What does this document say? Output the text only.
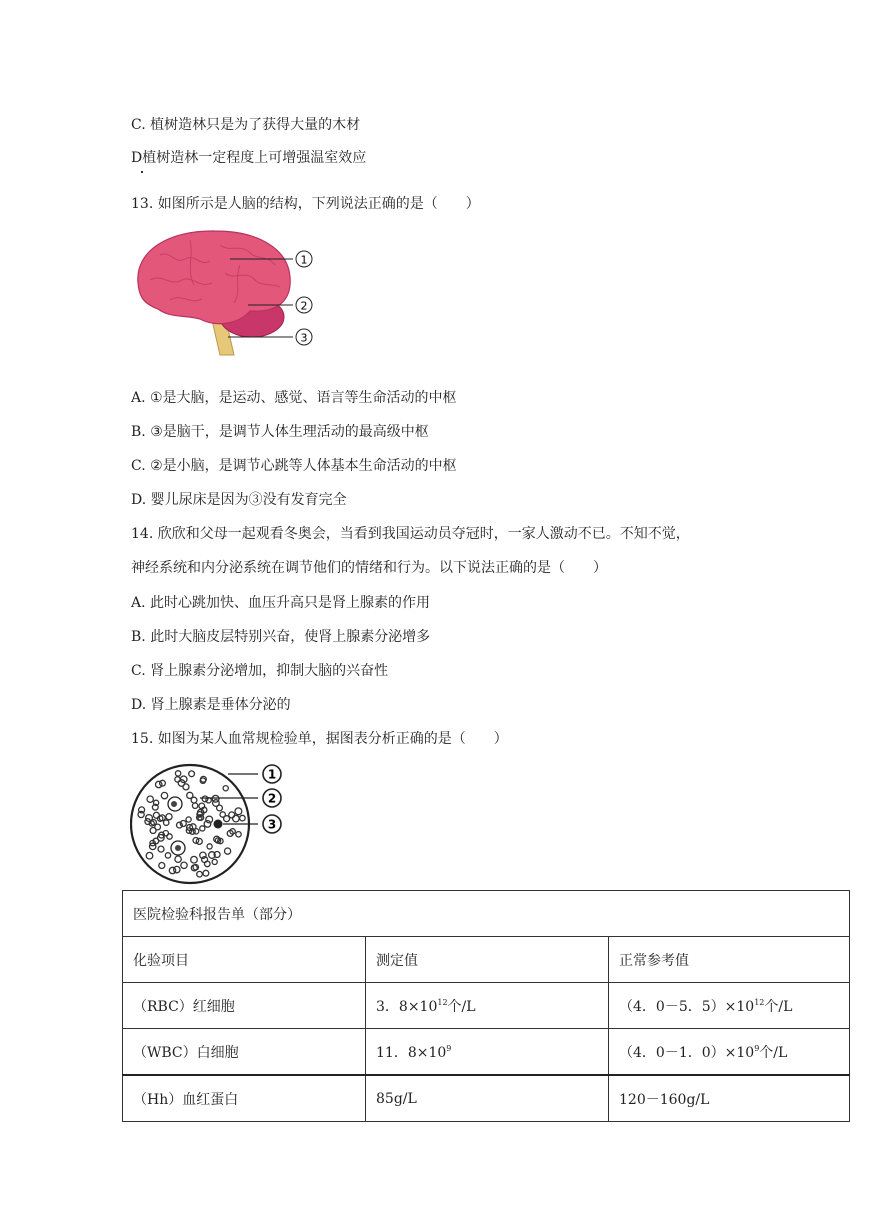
C. 植树造林只是为了获得大量的木材
D植树造林一定程度上可增强温室效应
13. 如图所示是人脑的结构，下列说法正确的是（　　）
1
2
3
A. ①是大脑，是运动、感觉、语言等生命活动的中枢
B. ③是脑干，是调节人体生理活动的最高级中枢
C. ②是小脑，是调节心跳等人体基本生命活动的中枢
D. 婴儿尿床是因为③没有发育完全
14. 欣欣和父母一起观看冬奥会，当看到我国运动员夺冠时，一家人激动不已。不知不觉，
神经系统和内分泌系统在调节他们的情绪和行为。以下说法正确的是（　　）
A. 此时心跳加快、血压升高只是肾上腺素的作用
B. 此时大脑皮层特别兴奋，使肾上腺素分泌增多
C. 肾上腺素分泌增加，抑制大脑的兴奋性
D. 肾上腺素是垂体分泌的
15. 如图为某人血常规检验单，据图表分析正确的是（　　）
1
2
3
医院检验科报告单（部分）		
化验项目	测定值	正常参考值
（RBC）红细胞	3．$8\times 10^{12}$个/L	（4．0－5．$5)\times 10^{12}$个/L
（WBC）白细胞	11．$8\times 10^9$	（4．0－1．$0)\times 10^9$个/L
（Hh）血红蛋白	85g/L	120－160g/L
